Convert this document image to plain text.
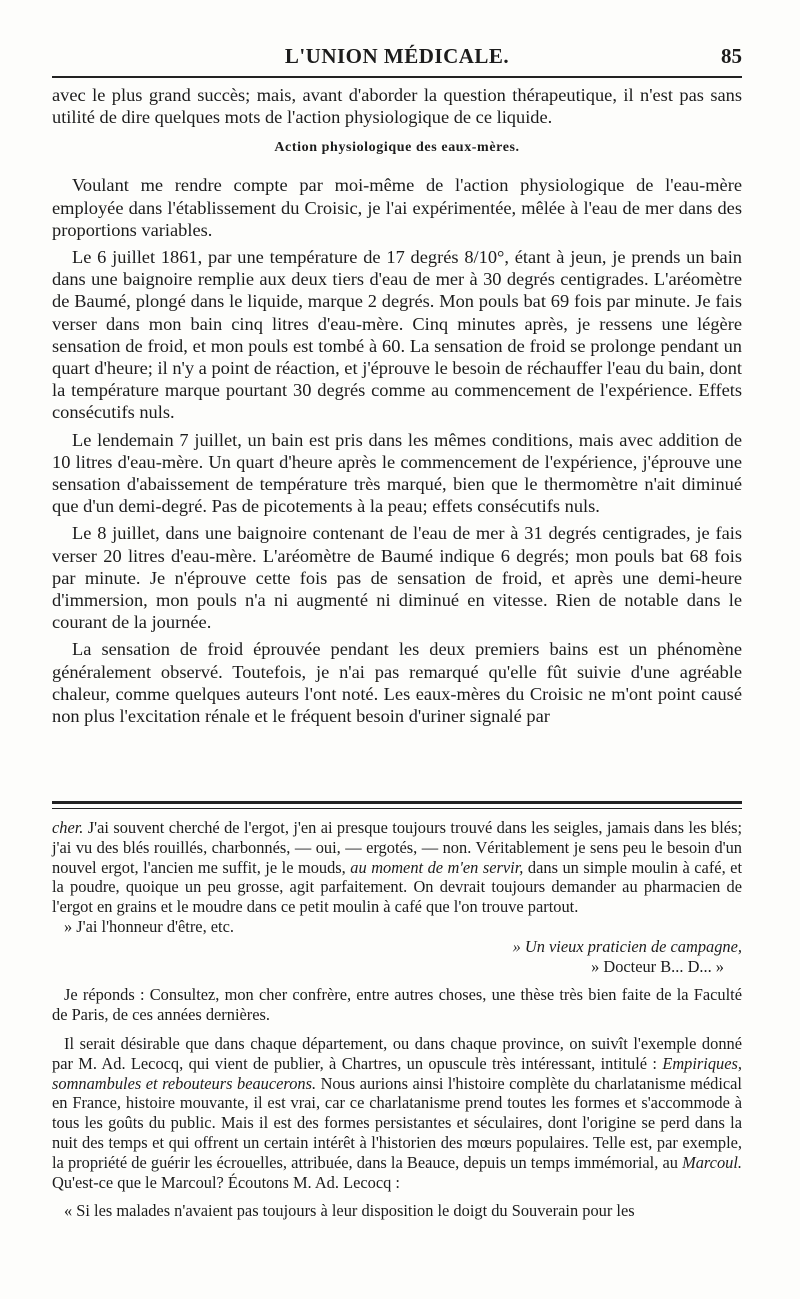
L'UNION MÉDICALE.	85

avec le plus grand succès; mais, avant d'aborder la question thérapeutique, il n'est pas sans utilité de dire quelques mots de l'action physiologique de ce liquide.

Action physiologique des eaux-mères.

Voulant me rendre compte par moi-même de l'action physiologique de l'eau-mère employée dans l'établissement du Croisic, je l'ai expérimentée, mêlée à l'eau de mer dans des proportions variables.

Le 6 juillet 1861, par une température de 17 degrés 8/10°, étant à jeun, je prends un bain dans une baignoire remplie aux deux tiers d'eau de mer à 30 degrés centigrades. L'aréomètre de Baumé, plongé dans le liquide, marque 2 degrés. Mon pouls bat 69 fois par minute. Je fais verser dans mon bain cinq litres d'eau-mère. Cinq minutes après, je ressens une légère sensation de froid, et mon pouls est tombé à 60. La sensation de froid se prolonge pendant un quart d'heure; il n'y a point de réaction, et j'éprouve le besoin de réchauffer l'eau du bain, dont la température marque pourtant 30 degrés comme au commencement de l'expérience. Effets consécutifs nuls.

Le lendemain 7 juillet, un bain est pris dans les mêmes conditions, mais avec addition de 10 litres d'eau-mère. Un quart d'heure après le commencement de l'expérience, j'éprouve une sensation d'abaissement de température très marqué, bien que le thermomètre n'ait diminué que d'un demi-degré. Pas de picotements à la peau; effets consécutifs nuls.

Le 8 juillet, dans une baignoire contenant de l'eau de mer à 31 degrés centigrades, je fais verser 20 litres d'eau-mère. L'aréomètre de Baumé indique 6 degrés; mon pouls bat 68 fois par minute. Je n'éprouve cette fois pas de sensation de froid, et après une demi-heure d'immersion, mon pouls n'a ni augmenté ni diminué en vitesse. Rien de notable dans le courant de la journée.

La sensation de froid éprouvée pendant les deux premiers bains est un phénomène généralement observé. Toutefois, je n'ai pas remarqué qu'elle fût suivie d'une agréable chaleur, comme quelques auteurs l'ont noté. Les eaux-mères du Croisic ne m'ont point causé non plus l'excitation rénale et le fréquent besoin d'uriner signalé par

cher. J'ai souvent cherché de l'ergot, j'en ai presque toujours trouvé dans les seigles, jamais dans les blés; j'ai vu des blés rouillés, charbonnés, — oui, — ergotés, — non. Véritablement je sens peu le besoin d'un nouvel ergot, l'ancien me suffit, je le mouds, au moment de m'en servir, dans un simple moulin à café, et la poudre, quoique un peu grosse, agit parfaitement. On devrait toujours demander au pharmacien de l'ergot en grains et le moudre dans ce petit moulin à café que l'on trouve partout.

» J'ai l'honneur d'être, etc.

» Un vieux praticien de campagne,

» Docteur B... D... »

Je réponds : Consultez, mon cher confrère, entre autres choses, une thèse très bien faite de la Faculté de Paris, de ces années dernières.

Il serait désirable que dans chaque département, ou dans chaque province, on suivît l'exemple donné par M. Ad. Lecocq, qui vient de publier, à Chartres, un opuscule très intéressant, intitulé : Empiriques, somnambules et rebouteurs beaucerons. Nous aurions ainsi l'histoire complète du charlatanisme médical en France, histoire mouvante, il est vrai, car ce charlatanisme prend toutes les formes et s'accommode à tous les goûts du public. Mais il est des formes persistantes et séculaires, dont l'origine se perd dans la nuit des temps et qui offrent un certain intérêt à l'historien des mœurs populaires. Telle est, par exemple, la propriété de guérir les écrouelles, attribuée, dans la Beauce, depuis un temps immémorial, au Marcoul. Qu'est-ce que le Marcoul? Écoutons M. Ad. Lecocq :

« Si les malades n'avaient pas toujours à leur disposition le doigt du Souverain pour les
